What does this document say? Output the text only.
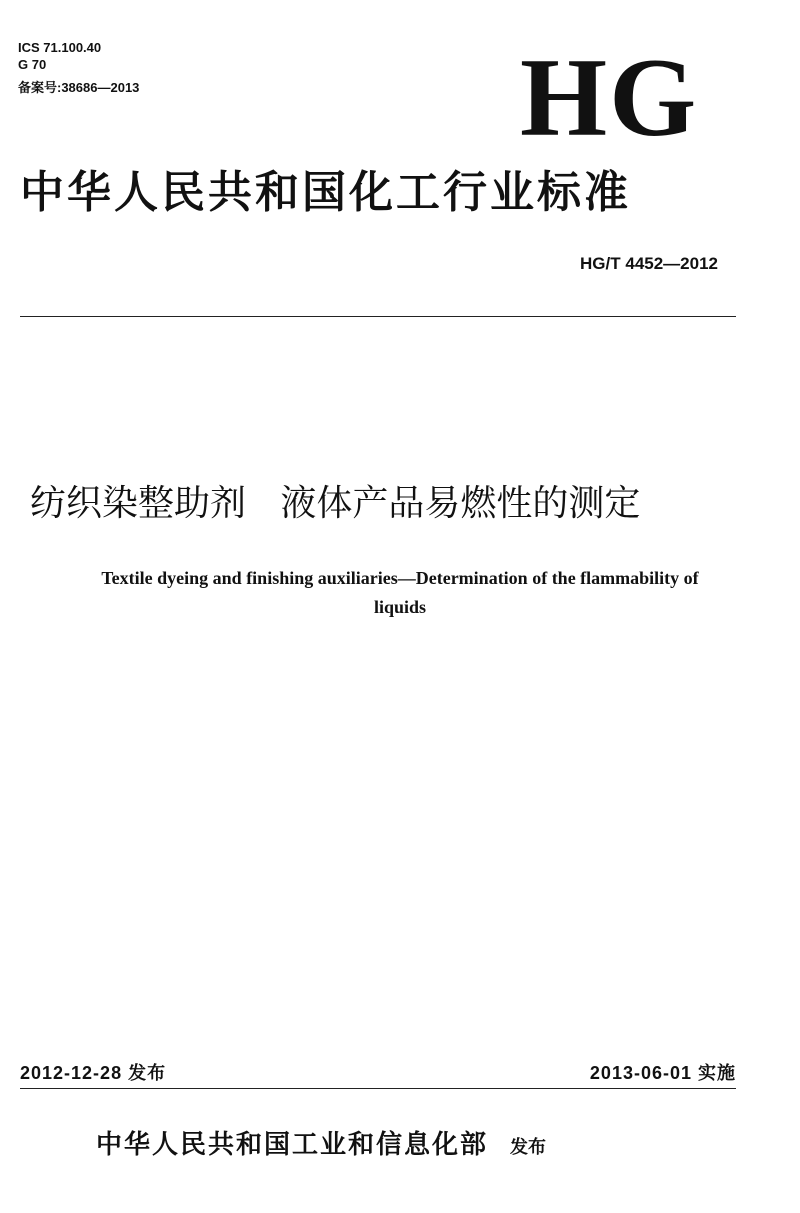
ICS 71.100.40
G 70
备案号:38686—2013	HG
中华人民共和国化工行业标准
HG/T 4452—2012
纺织染整助剂   液体产品易燃性的测定
Textile dyeing and finishing auxiliaries—Determination of the flammability of liquids
2012-12-28 发布	2013-06-01 实施
中华人民共和国工业和信息化部 发布
